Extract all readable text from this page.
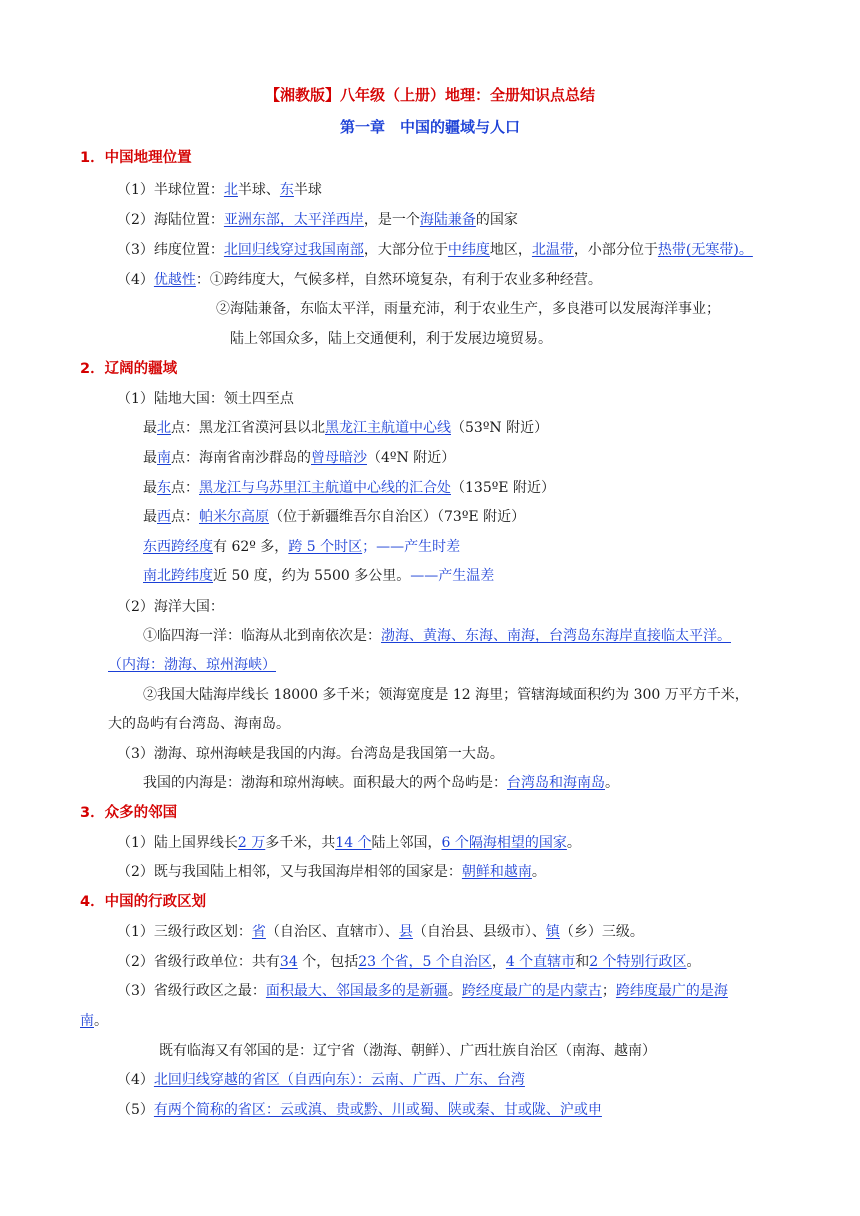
【湘教版】八年级（上册）地理：全册知识点总结
第一章　中国的疆域与人口
1．中国地理位置
（1）半球位置：北半球、东半球
（2）海陆位置：亚洲东部，太平洋西岸，是一个海陆兼备的国家
（3）纬度位置：北回归线穿过我国南部，大部分位于中纬度地区，北温带，小部分位于热带(无寒带)。
（4）优越性：①跨纬度大，气候多样，自然环境复杂，有利于农业多种经营。
②海陆兼备，东临太平洋，雨量充沛，利于农业生产，多良港可以发展海洋事业；
陆上邻国众多，陆上交通便利，利于发展边境贸易。
2．辽阔的疆域
（1）陆地大国：领土四至点
最北点：黑龙江省漠河县以北黑龙江主航道中心线（53ºN 附近）
最南点：海南省南沙群岛的曾母暗沙（4ºN 附近）
最东点：黑龙江与乌苏里江主航道中心线的汇合处（135ºE 附近）
最西点：帕米尔高原（位于新疆维吾尔自治区）（73ºE 附近）
东西跨经度有 62º 多，跨 5 个时区；——产生时差
南北跨纬度近 50 度，约为 5500 多公里。——产生温差
（2）海洋大国：
①临四海一洋：临海从北到南依次是：渤海、黄海、东海、南海，台湾岛东海岸直接临太平洋。
（内海：渤海、琼州海峡）
②我国大陆海岸线长 18000 多千米；领海宽度是 12 海里；管辖海域面积约为 300 万平方千米，
大的岛屿有台湾岛、海南岛。
（3）渤海、琼州海峡是我国的内海。台湾岛是我国第一大岛。
我国的内海是：渤海和琼州海峡。面积最大的两个岛屿是：台湾岛和海南岛。
3．众多的邻国
（1）陆上国界线长2 万多千米，共14 个陆上邻国，6 个隔海相望的国家。
（2）既与我国陆上相邻，又与我国海岸相邻的国家是：朝鲜和越南。
4．中国的行政区划
（1）三级行政区划：省（自治区、直辖市）、县（自治县、县级市）、镇（乡）三级。
（2）省级行政单位：共有34 个，包括23 个省，5 个自治区，4 个直辖市和2 个特别行政区。
（3）省级行政区之最：面积最大、邻国最多的是新疆。跨经度最广的是内蒙古；跨纬度最广的是海
南。
既有临海又有邻国的是：辽宁省（渤海、朝鲜）、广西壮族自治区（南海、越南）
（4）北回归线穿越的省区（自西向东）：云南、广西、广东、台湾
（5）有两个简称的省区：云或滇、贵或黔、川或蜀、陕或秦、甘或陇、沪或申
